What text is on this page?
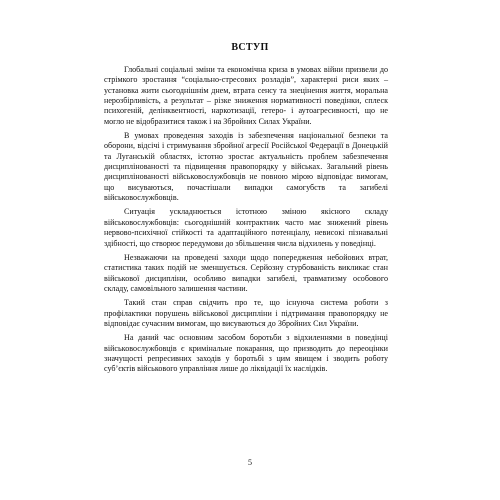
ВСТУП

Глобальні соціальні зміни та економічна криза в умовах війни призвели до стрімкого зростання “соціально-стресових розладів”, характерні риси яких – установка жити сьогоднішнім днем, втрата сенсу та знецінення життя, моральна нерозбірливість, а результат – різке зниження нормативності поведінки, сплеск психогеній, делінквентності, наркотизації, гетеро- і аутоагресивності, що не могло не відобразитися також і на Збройних Силах України.

В умовах проведення заходів із забезпечення національної безпеки та оборони, відсічі і стримування збройної агресії Російської Федерації в Донецькій та Луганській областях, істотно зростає актуальність проблем забезпечення дисциплінованості та підвищення правопорядку у військах. Загальний рівень дисциплінованості військовослужбовців не повною мірою відповідає вимогам, що висуваються, почастішали випадки самогубств та загибелі військовослужбовців.

Ситуація ускладнюється істотною зміною якісного складу військовослужбовців: сьогоднішній контрактник часто має знижений рівень нервово-психічної стійкості та адаптаційного потенціалу, невисокі пізнавальні здібності, що створює передумови до збільшення числа відхилень у поведінці.

Незважаючи на проведені заходи щодо попередження небойових втрат, статистика таких подій не зменшується. Серйозну стурбованість викликає стан військової дисципліни, особливо випадки загибелі, травматизму особового складу, самовільного залишення частини.

Такий стан справ свідчить про те, що існуюча система роботи з профілактики порушень військової дисципліни і підтримання правопорядку не відповідає сучасним вимогам, що висуваються до Збройних Сил України.

На даний час основним засобом боротьби з відхиленнями в поведінці військовослужбовців є кримінальне покарання, що призводить до переоцінки значущості репресивних заходів у боротьбі з цим явищем і зводить роботу суб’єктів військового управління лише до ліквідації їх наслідків.

5
